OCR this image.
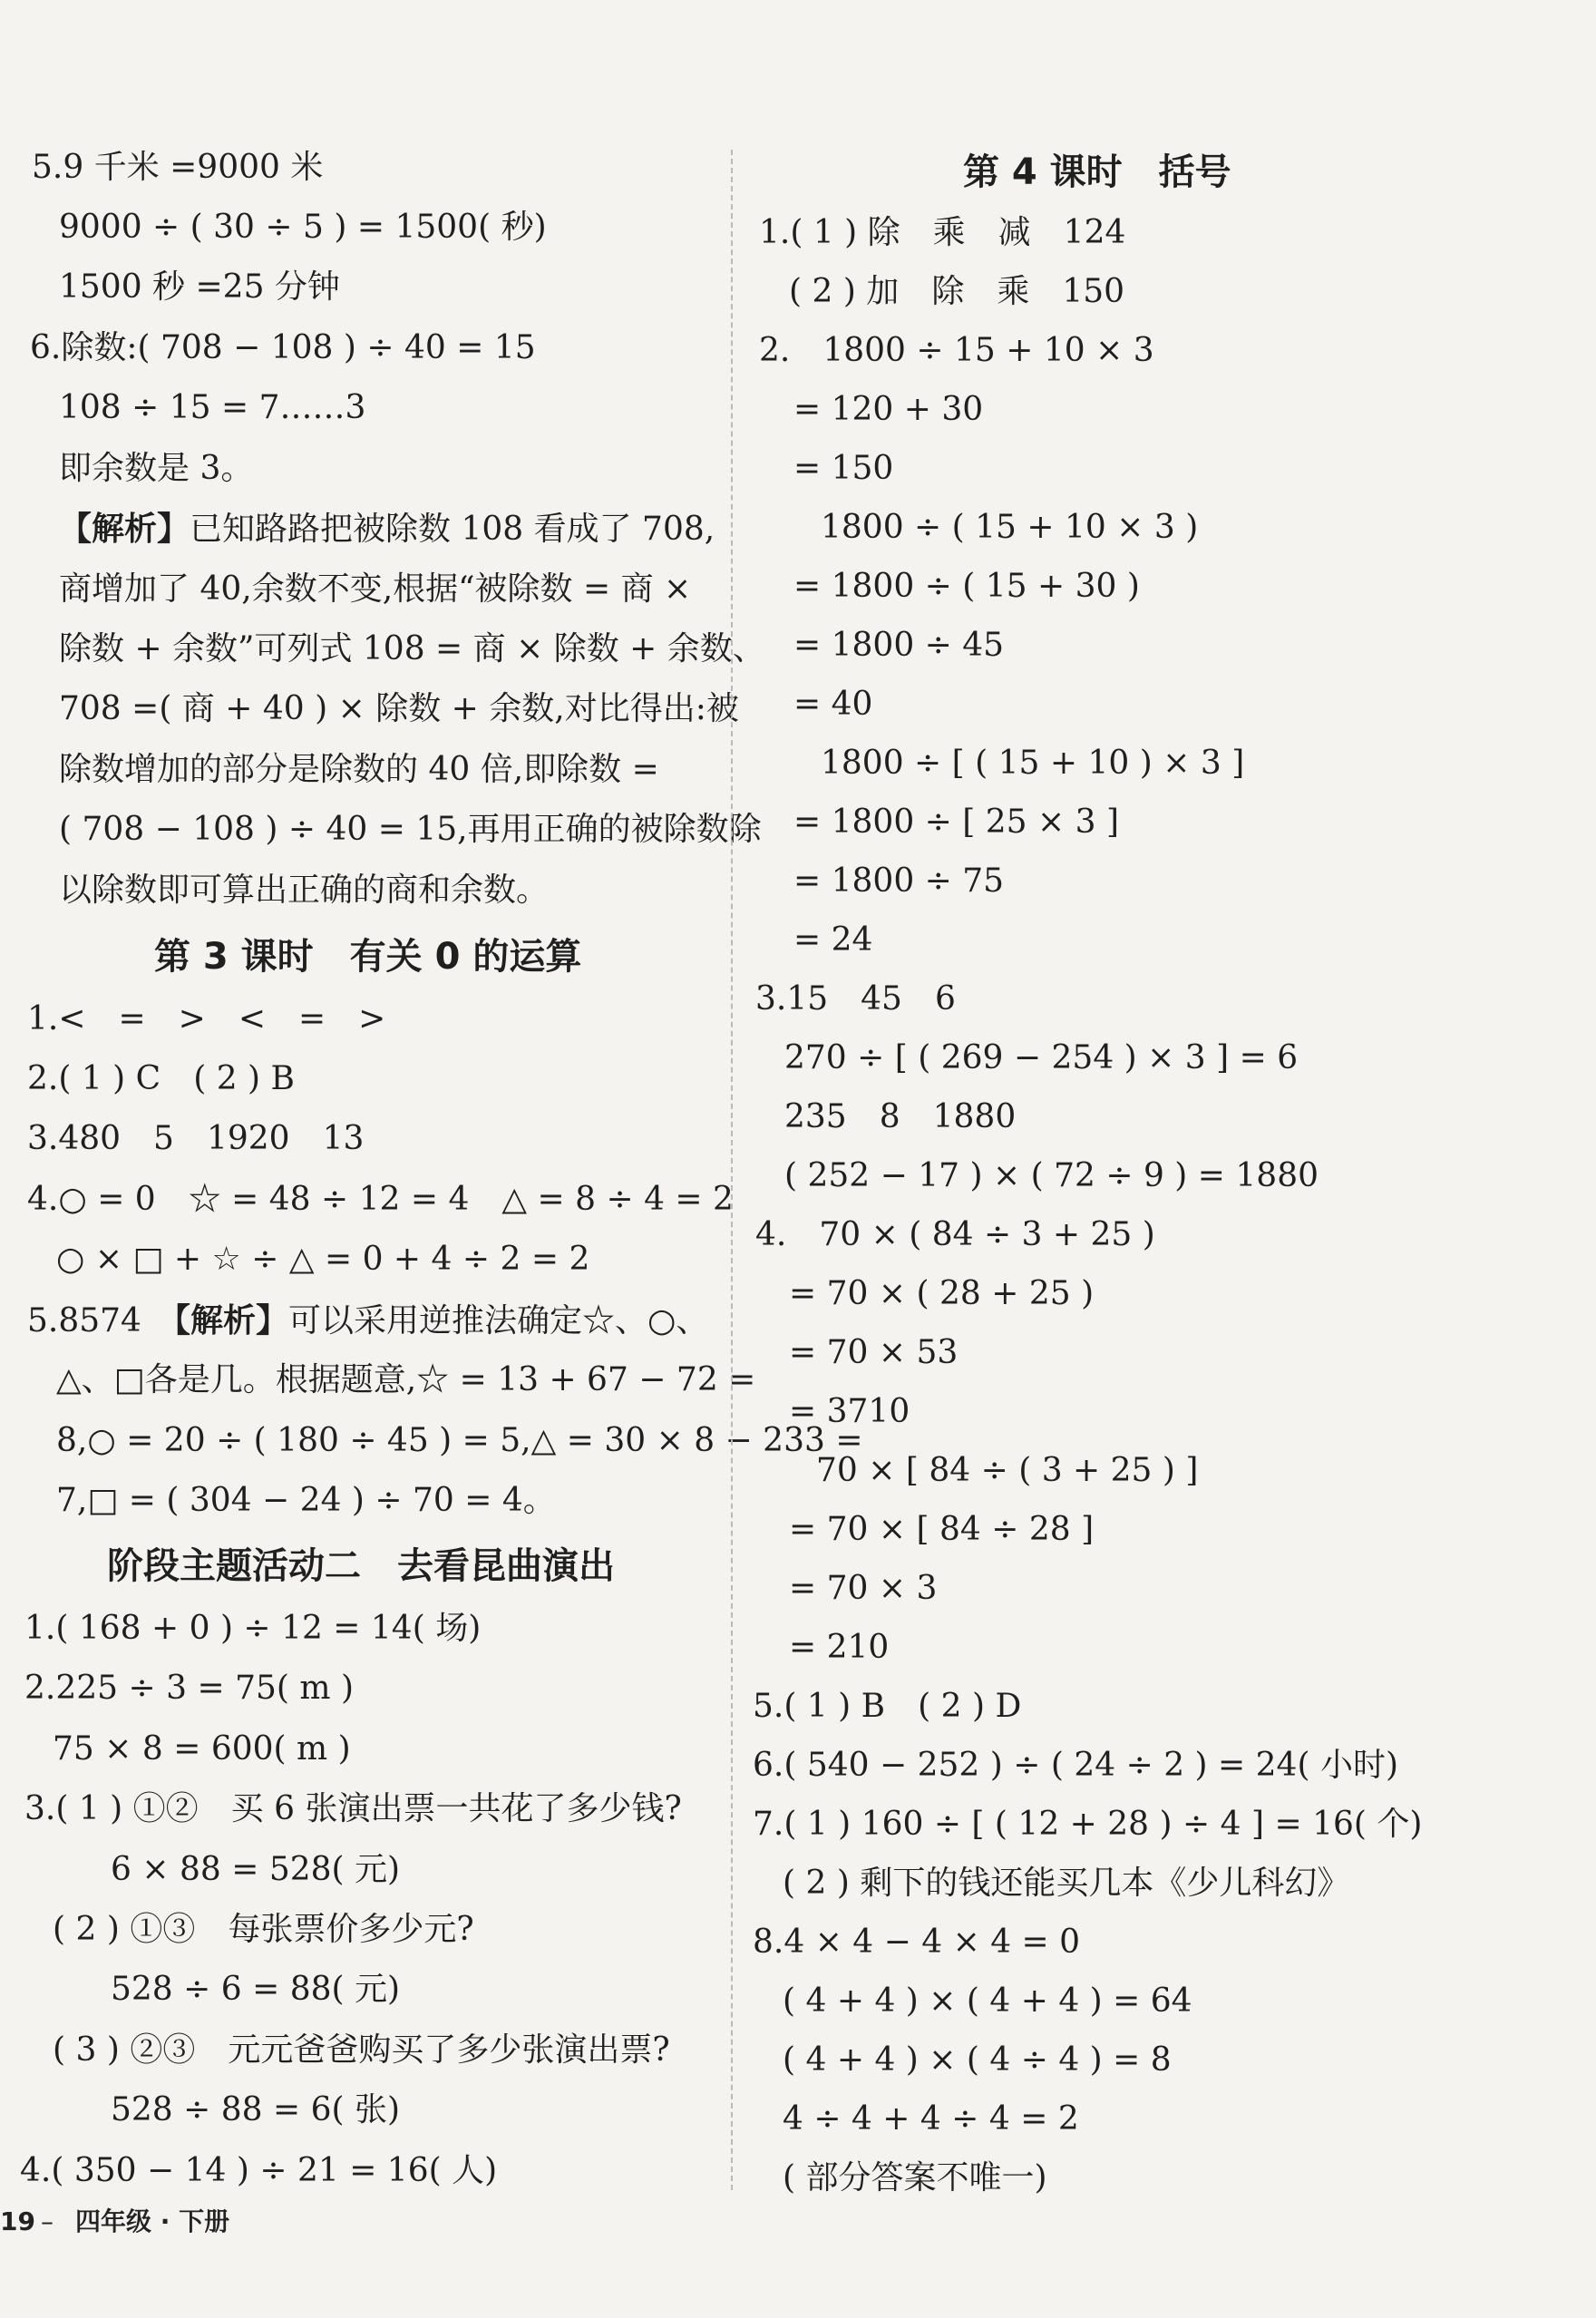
5.9 千米 =9000 米
9000 ÷ ( 30 ÷ 5 ) = 1500( 秒)
1500 秒 =25 分钟
6.除数:( 708 − 108 ) ÷ 40 = 15
108 ÷ 15 = 7……3
即余数是 3。
【解析】已知路路把被除数 108 看成了 708,
商增加了 40,余数不变,根据“被除数 = 商 ×
除数 + 余数”可列式 108 = 商 × 除数 + 余数、
708 =( 商 + 40 ) × 除数 + 余数,对比得出:被
除数增加的部分是除数的 40 倍,即除数 =
( 708 − 108 ) ÷ 40 = 15,再用正确的被除数除
以除数即可算出正确的商和余数。
第 3 课时　有关 0 的运算
1.<　=　>　<　=　>
2.( 1 ) C　( 2 ) B
3.480　5　1920　13
4.○ = 0　☆ = 48 ÷ 12 = 4　△ = 8 ÷ 4 = 2
○ × □ + ☆ ÷ △ = 0 + 4 ÷ 2 = 2
5.8574　 【解析】可以采用逆推法确定☆、○、
△、□各是几。根据题意,☆ = 13 + 67 − 72 =
8,○ = 20 ÷ ( 180 ÷ 45 ) = 5,△ = 30 × 8 − 233 =
7,□ = ( 304 − 24 ) ÷ 70 = 4。
阶段主题活动二　去看昆曲演出
1.( 168 + 0 ) ÷ 12 = 14( 场)
2.225 ÷ 3 = 75( m )
75 × 8 = 600( m )
3.( 1 ) ①②　买 6 张演出票一共花了多少钱?
6 × 88 = 528( 元)
( 2 ) ①③　每张票价多少元?
528 ÷ 6 = 88( 元)
( 3 ) ②③　元元爸爸购买了多少张演出票?
528 ÷ 88 = 6( 张)
4.( 350 − 14 ) ÷ 21 = 16( 人)
第 4 课时　括号
1.( 1 ) 除　乘　减　124
( 2 ) 加　除　乘　150
2.　1800 ÷ 15 + 10 × 3
= 120 + 30
= 150
1800 ÷ ( 15 + 10 × 3 )
= 1800 ÷ ( 15 + 30 )
= 1800 ÷ 45
= 40
1800 ÷ [ ( 15 + 10 ) × 3 ]
= 1800 ÷ [ 25 × 3 ]
= 1800 ÷ 75
= 24
3.15　45　6
270 ÷ [ ( 269 − 254 ) × 3 ] = 6
235　8　1880
( 252 − 17 ) × ( 72 ÷ 9 ) = 1880
4.　70 × ( 84 ÷ 3 + 25 )
= 70 × ( 28 + 25 )
= 70 × 53
= 3710
70 × [ 84 ÷ ( 3 + 25 ) ]
= 70 × [ 84 ÷ 28 ]
= 70 × 3
= 210
5.( 1 ) B　( 2 ) D
6.( 540 − 252 ) ÷ ( 24 ÷ 2 ) = 24( 小时)
7.( 1 ) 160 ÷ [ ( 12 + 28 ) ÷ 4 ] = 16( 个)
( 2 ) 剩下的钱还能买几本《少儿科幻》
8.4 × 4 − 4 × 4 = 0
( 4 + 4 ) × ( 4 + 4 ) = 64
( 4 + 4 ) × ( 4 ÷ 4 ) = 8
4 ÷ 4 + 4 ÷ 4 = 2
( 部分答案不唯一)
19 – 四年级 · 下册
